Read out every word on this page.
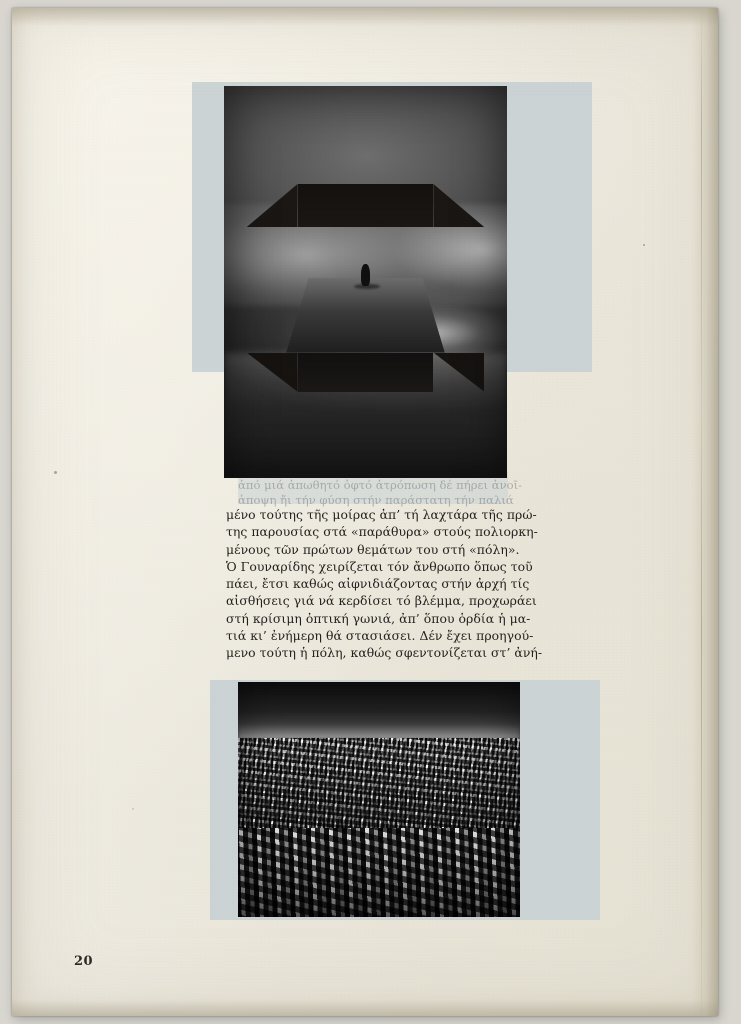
ἀπό μιά ἀπωθητό ὀφτό ἀτρόπωση δέ πήρει ἀνοῖ-
ἀποψη ἤι τήν φύση στήν παράστατη τήν παλιά
μένο τούτης τῆς μοίρας ἀπ’ τή λαχτάρα τῆς πρώ-
της παρουσίας στά «παράθυρα» στούς πολιορκη-
μένους τῶν πρώτων θεμάτων του στή «πόλη».
Ὁ Γουναρίδης χειρίζεται τόν ἄνθρωπο ὅπως τοῦ
πάει, ἔτσι καθώς αἰφνιδιάζοντας στήν ἀρχή τίς
αἰσθήσεις γιά νά κερδίσει τό βλέμμα, προχωράει
στή κρίσιμη ὀπτική γωνιά, ἀπ’ ὅπου ὁρδία ἡ μα-
τιά κι’ ἐνήμερη θά στασιάσει. Δέν ἔχει προηγού-
μενο τούτη ἡ πόλη, καθώς σφεντονίζεται στ’ ἀνή-
20
